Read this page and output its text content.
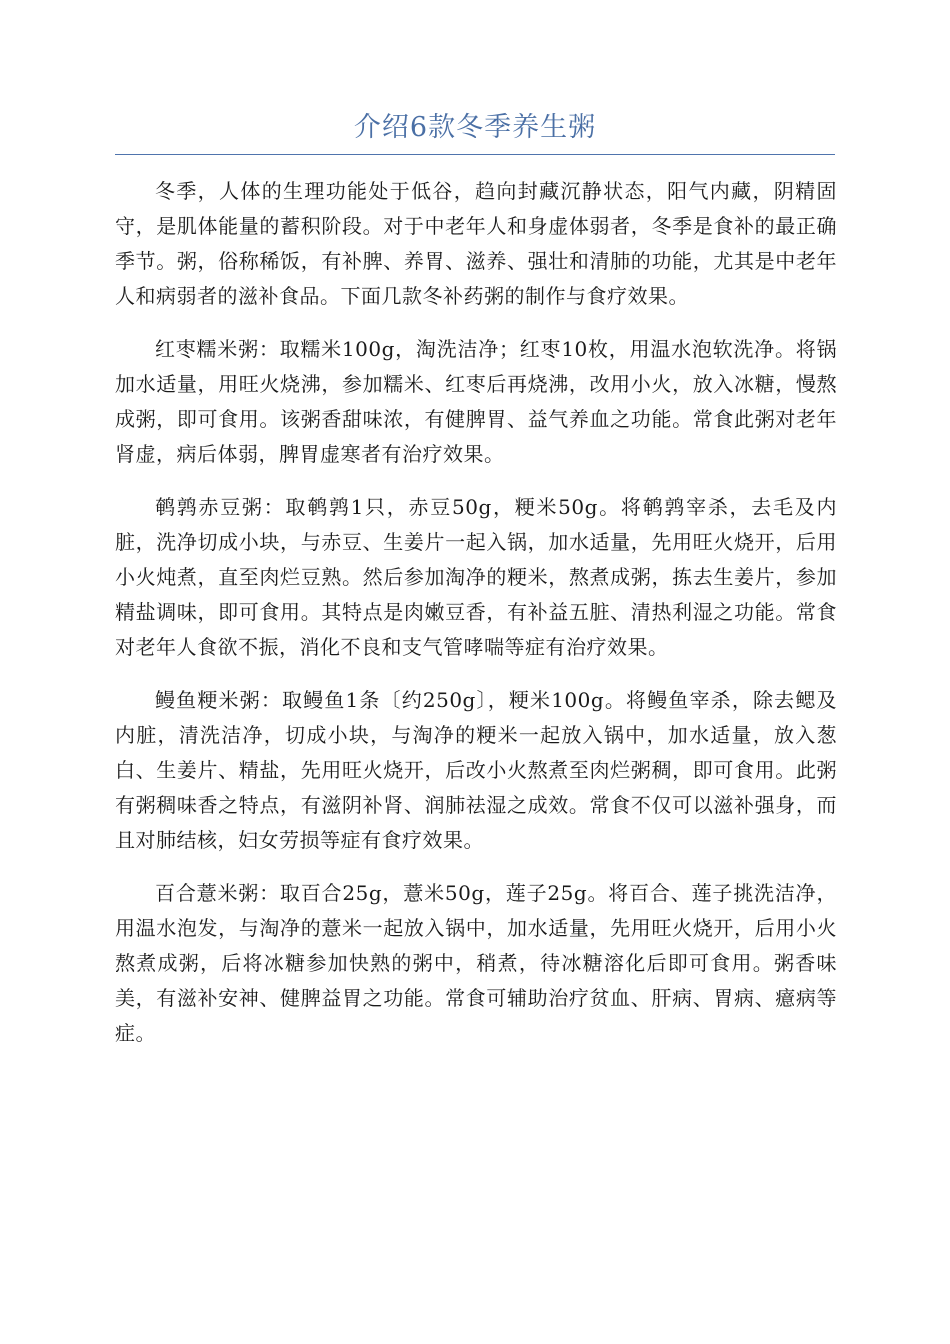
介绍6款冬季养生粥

冬季，人体的生理功能处于低谷，趋向封藏沉静状态，阳气内藏，阴精固守，是肌体能量的蓄积阶段。对于中老年人和身虚体弱者，冬季是食补的最正确季节。粥，俗称稀饭，有补脾、养胃、滋养、强壮和清肺的功能，尤其是中老年人和病弱者的滋补食品。下面几款冬补药粥的制作与食疗效果。

红枣糯米粥：取糯米100g，淘洗洁净；红枣10枚，用温水泡软洗净。将锅加水适量，用旺火烧沸，参加糯米、红枣后再烧沸，改用小火，放入冰糖，慢熬成粥，即可食用。该粥香甜味浓，有健脾胃、益气养血之功能。常食此粥对老年肾虚，病后体弱，脾胃虚寒者有治疗效果。

鹌鹑赤豆粥：取鹌鹑1只，赤豆50g，粳米50g。将鹌鹑宰杀，去毛及内脏，洗净切成小块，与赤豆、生姜片一起入锅，加水适量，先用旺火烧开，后用小火炖煮，直至肉烂豆熟。然后参加淘净的粳米，熬煮成粥，拣去生姜片，参加精盐调味，即可食用。其特点是肉嫩豆香，有补益五脏、清热利湿之功能。常食对老年人食欲不振，消化不良和支气管哮喘等症有治疗效果。

鳗鱼粳米粥：取鳗鱼1条〔约250g〕，粳米100g。将鳗鱼宰杀，除去鳃及内脏，清洗洁净，切成小块，与淘净的粳米一起放入锅中，加水适量，放入葱白、生姜片、精盐，先用旺火烧开，后改小火熬煮至肉烂粥稠，即可食用。此粥有粥稠味香之特点，有滋阴补肾、润肺祛湿之成效。常食不仅可以滋补强身，而且对肺结核，妇女劳损等症有食疗效果。

百合薏米粥：取百合25g，薏米50g，莲子25g。将百合、莲子挑洗洁净，用温水泡发，与淘净的薏米一起放入锅中，加水适量，先用旺火烧开，后用小火熬煮成粥，后将冰糖参加快熟的粥中，稍煮，待冰糖溶化后即可食用。粥香味美，有滋补安神、健脾益胃之功能。常食可辅助治疗贫血、肝病、胃病、癔病等症。
